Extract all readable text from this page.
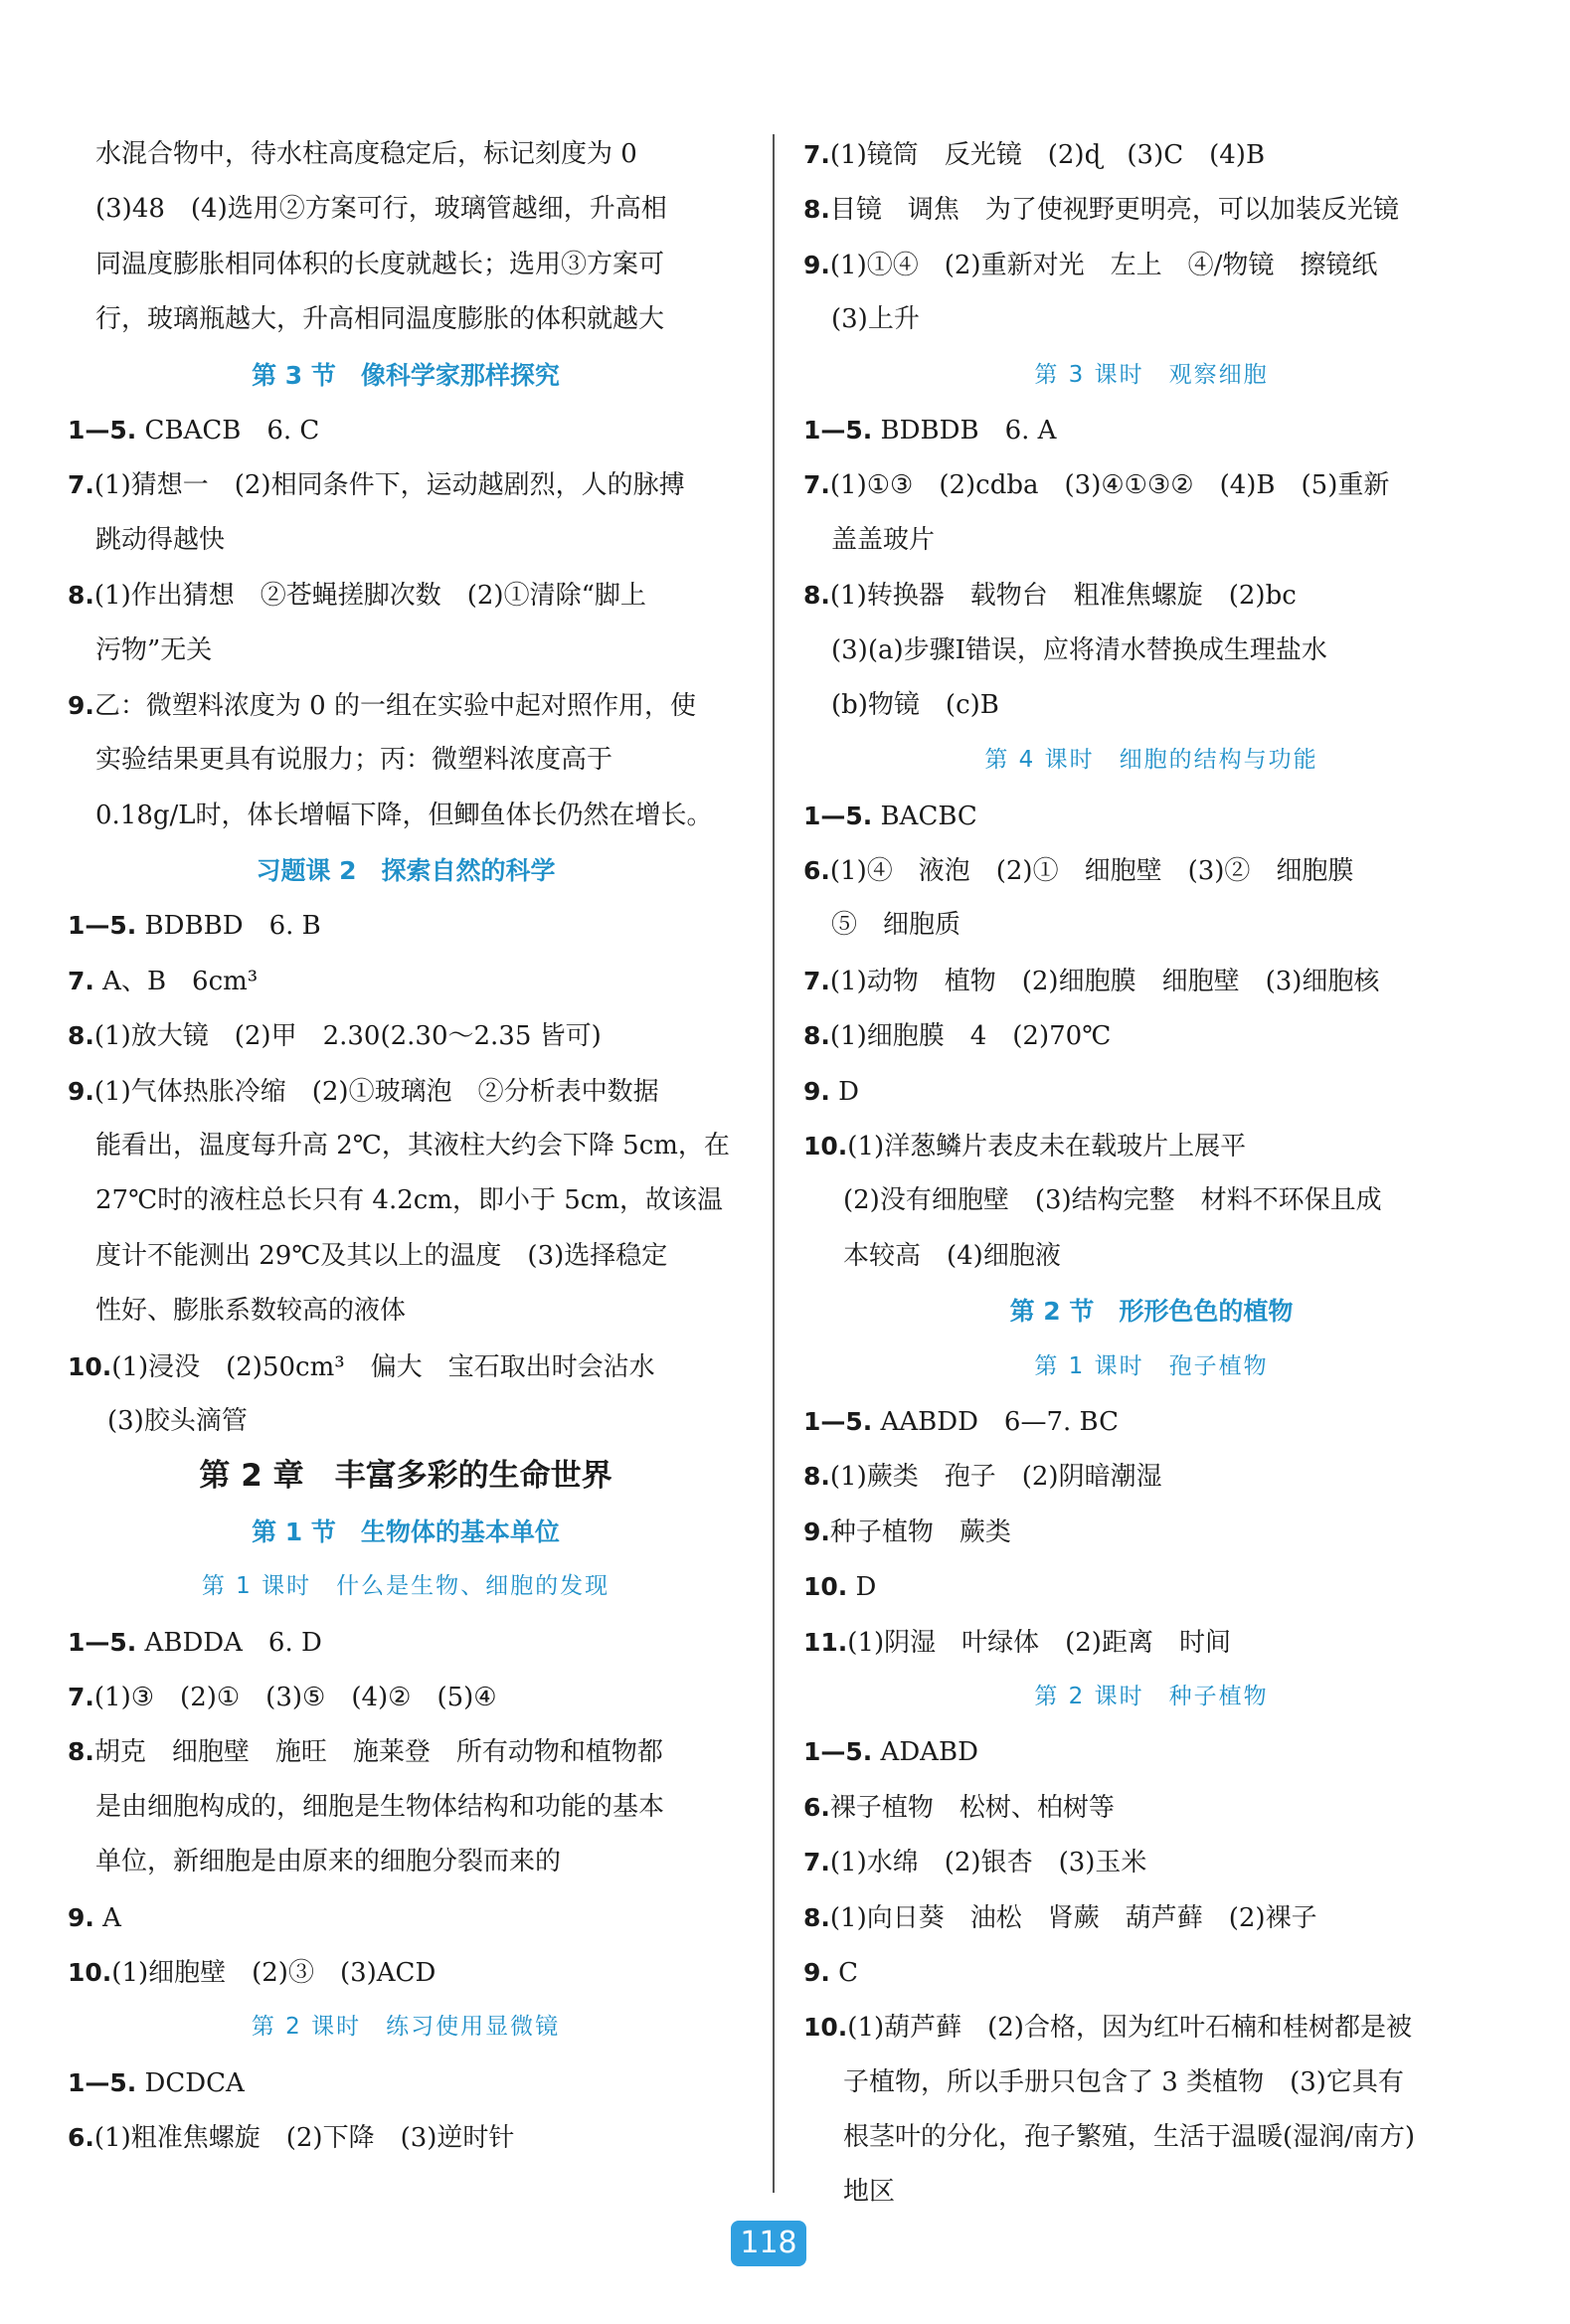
水混合物中，待水柱高度稳定后，标记刻度为 0
(3)48　(4)选用②方案可行，玻璃管越细，升高相
同温度膨胀相同体积的长度就越长；选用③方案可
行，玻璃瓶越大，升高相同温度膨胀的体积就越大
第 3 节　像科学家那样探究
1—5. CBACB　6. C
7.(1)猜想一　(2)相同条件下，运动越剧烈，人的脉搏
跳动得越快
8.(1)作出猜想　②苍蝇搓脚次数　(2)①清除“脚上
污物”无关
9.乙：微塑料浓度为 0 的一组在实验中起对照作用，使
实验结果更具有说服力；丙：微塑料浓度高于
0.18g/L时，体长增幅下降，但鲫鱼体长仍然在增长。
习题课 2　探索自然的科学
1—5. BDBBD　6. B
7. A、B　6cm³
8.(1)放大镜　(2)甲　2.30(2.30～2.35 皆可)
9.(1)气体热胀冷缩　(2)①玻璃泡　②分析表中数据
能看出，温度每升高 2℃，其液柱大约会下降 5cm，在
27℃时的液柱总长只有 4.2cm，即小于 5cm，故该温
度计不能测出 29℃及其以上的温度　(3)选择稳定
性好、膨胀系数较高的液体
10.(1)浸没　(2)50cm³　偏大　宝石取出时会沾水
(3)胶头滴管
第 2 章　丰富多彩的生命世界
第 1 节　生物体的基本单位
第 1 课时　什么是生物、细胞的发现
1—5. ABDDA　6. D
7.(1)③　(2)①　(3)⑤　(4)②　(5)④
8.胡克　细胞壁　施旺　施莱登　所有动物和植物都
是由细胞构成的，细胞是生物体结构和功能的基本
单位，新细胞是由原来的细胞分裂而来的
9. A
10.(1)细胞壁　(2)③　(3)ACD
第 2 课时　练习使用显微镜
1—5. DCDCA
6.(1)粗准焦螺旋　(2)下降　(3)逆时针
7.(1)镜筒　反光镜　(2)ɖ　(3)C　(4)B
8.目镜　调焦　为了使视野更明亮，可以加装反光镜
9.(1)①④　(2)重新对光　左上　④/物镜　擦镜纸
(3)上升
第 3 课时　观察细胞
1—5. BDBDB　6. A
7.(1)①③　(2)cdba　(3)④①③②　(4)B　(5)重新
盖盖玻片
8.(1)转换器　载物台　粗准焦螺旋　(2)bc
(3)(a)步骤Ⅰ错误，应将清水替换成生理盐水
(b)物镜　(c)B
第 4 课时　细胞的结构与功能
1—5. BACBC
6.(1)④　液泡　(2)①　细胞壁　(3)②　细胞膜
⑤　细胞质
7.(1)动物　植物　(2)细胞膜　细胞壁　(3)细胞核
8.(1)细胞膜　4　(2)70℃
9. D
10.(1)洋葱鳞片表皮未在载玻片上展平
(2)没有细胞壁　(3)结构完整　材料不环保且成
本较高　(4)细胞液
第 2 节　形形色色的植物
第 1 课时　孢子植物
1—5. AABDD　6—7. BC
8.(1)蕨类　孢子　(2)阴暗潮湿
9.种子植物　蕨类
10. D
11.(1)阴湿　叶绿体　(2)距离　时间
第 2 课时　种子植物
1—5. ADABD
6.裸子植物　松树、柏树等
7.(1)水绵　(2)银杏　(3)玉米
8.(1)向日葵　油松　肾蕨　葫芦藓　(2)裸子
9. C
10.(1)葫芦藓　(2)合格，因为红叶石楠和桂树都是被
子植物，所以手册只包含了 3 类植物　(3)它具有
根茎叶的分化，孢子繁殖，生活于温暖(湿润/南方)
地区
118
